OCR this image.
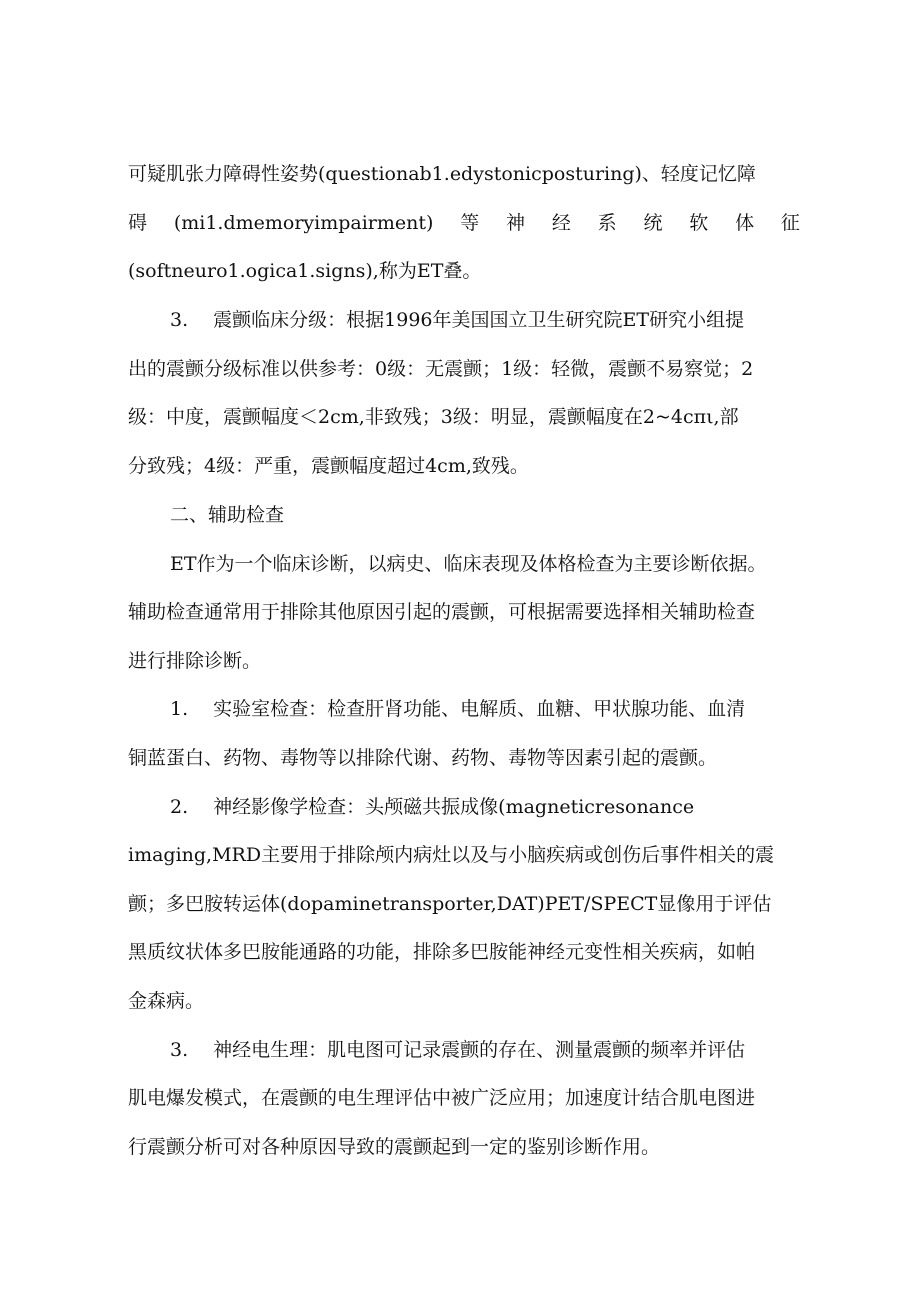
可疑肌张力障碍性姿势(questionab1.edystonicposturing)、轻度记忆障
碍 (mi1.dmemoryimpairment) 等 神 经 系 统 软 体 征
(softneuro1.ogica1.signs),称为ET叠。
3.　 震颤临床分级：根据1996年美国国立卫生研究院ET研究小组提
出的震颤分级标准以供参考：0级：无震颤；1级：轻微，震颤不易察觉；2
级：中度，震颤幅度＜2cm,非致残；3级：明显，震颤幅度在2~4cπι,部
分致残；4级：严重，震颤幅度超过4cm,致残。
二、辅助检查
ET作为一个临床诊断，以病史、临床表现及体格检查为主要诊断依据。
辅助检查通常用于排除其他原因引起的震颤，可根据需要选择相关辅助检查
进行排除诊断。
1.　 实验室检查：检查肝肾功能、电解质、血糖、甲状腺功能、血清
铜蓝蛋白、药物、毒物等以排除代谢、药物、毒物等因素引起的震颤。
2.　 神经影像学检查：头颅磁共振成像(magneticresonance
imaging,MRD主要用于排除颅内病灶以及与小脑疾病或创伤后事件相关的震
颤；多巴胺转运体(dopaminetransporter,DAT)PET/SPECT显像用于评估
黑质纹状体多巴胺能通路的功能，排除多巴胺能神经元变性相关疾病，如帕
金森病。
3.　 神经电生理：肌电图可记录震颤的存在、测量震颤的频率并评估
肌电爆发模式，在震颤的电生理评估中被广泛应用；加速度计结合肌电图进
行震颤分析可对各种原因导致的震颤起到一定的鉴别诊断作用。
